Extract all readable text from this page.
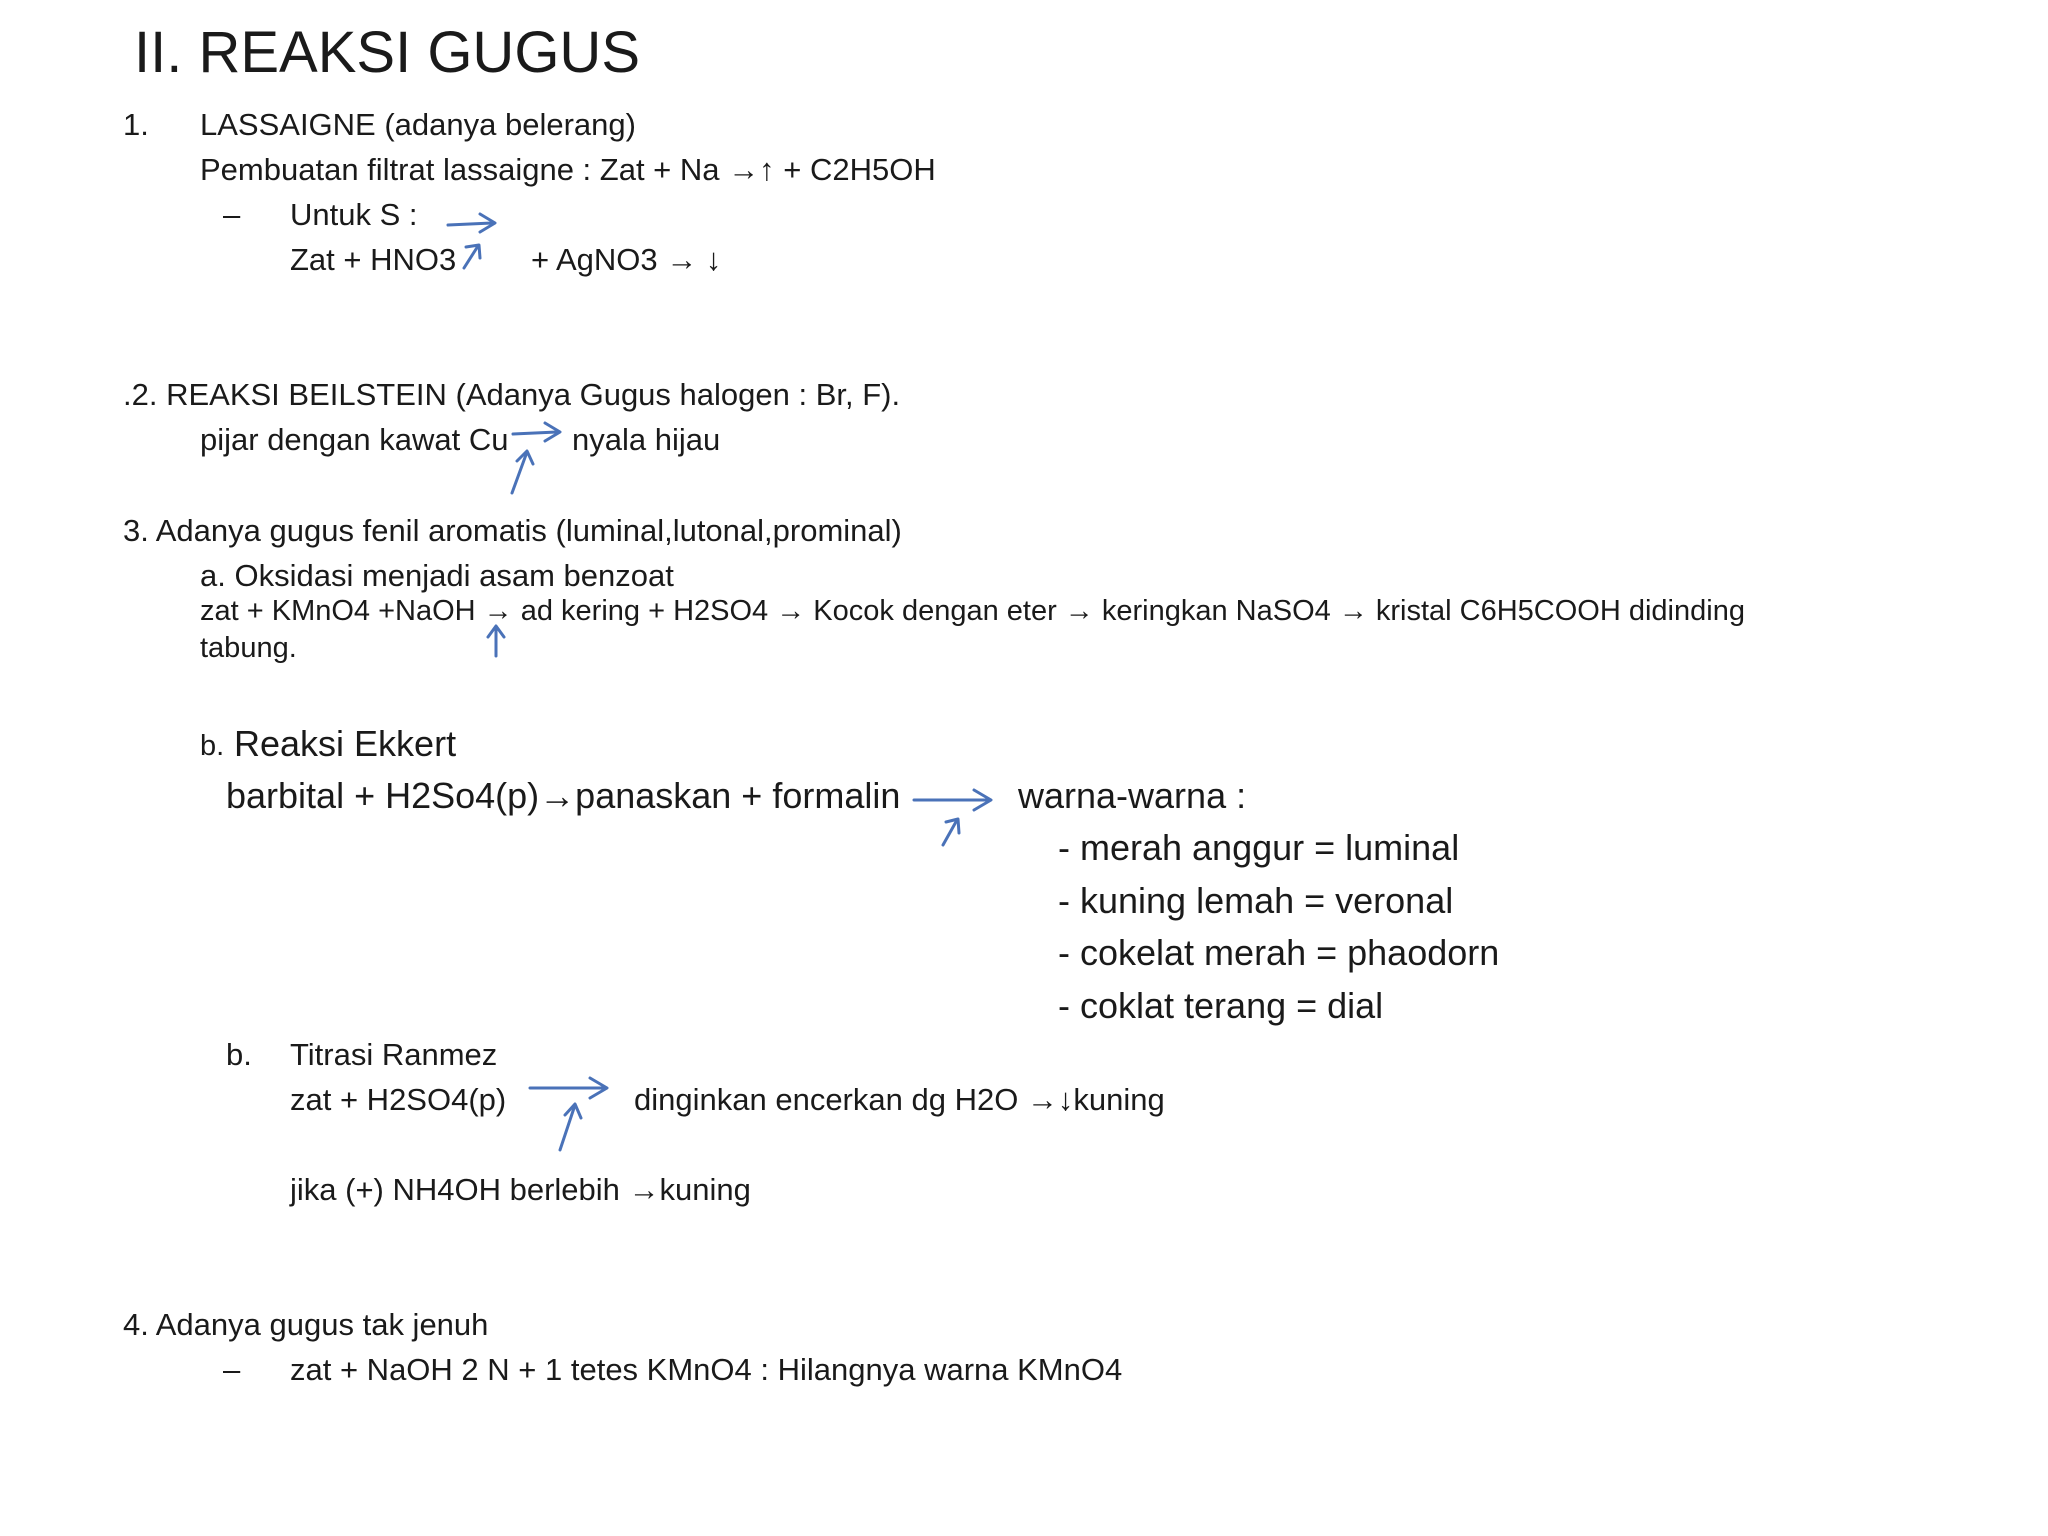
II. REAKSI GUGUS
1. LASSAIGNE (adanya belerang)
Pembuatan filtrat lassaigne : Zat + Na →↑ + C2H5OH
– Untuk S :
Zat + HNO3 + AgNO3 → ↓
.2. REAKSI BEILSTEIN (Adanya Gugus halogen : Br, F).
pijar dengan kawat Cu nyala hijau
3. Adanya gugus fenil aromatis (luminal,lutonal,prominal)
a. Oksidasi menjadi asam benzoat
zat + KMnO4 +NaOH → ad kering + H2SO4 → Kocok dengan eter → keringkan NaSO4 → kristal C6H5COOH didinding
tabung.
b. Reaksi Ekkert
barbital + H2So4(p)→panaskan + formalin	warna-warna :
- merah anggur = luminal
- kuning lemah = veronal
- cokelat merah = phaodorn
- coklat terang = dial
b. Titrasi Ranmez
zat + H2SO4(p)	dinginkan encerkan dg H2O →↓kuning
jika (+) NH4OH berlebih →kuning
4. Adanya gugus tak jenuh
– zat + NaOH 2 N + 1 tetes KMnO4 : Hilangnya warna KMnO4
